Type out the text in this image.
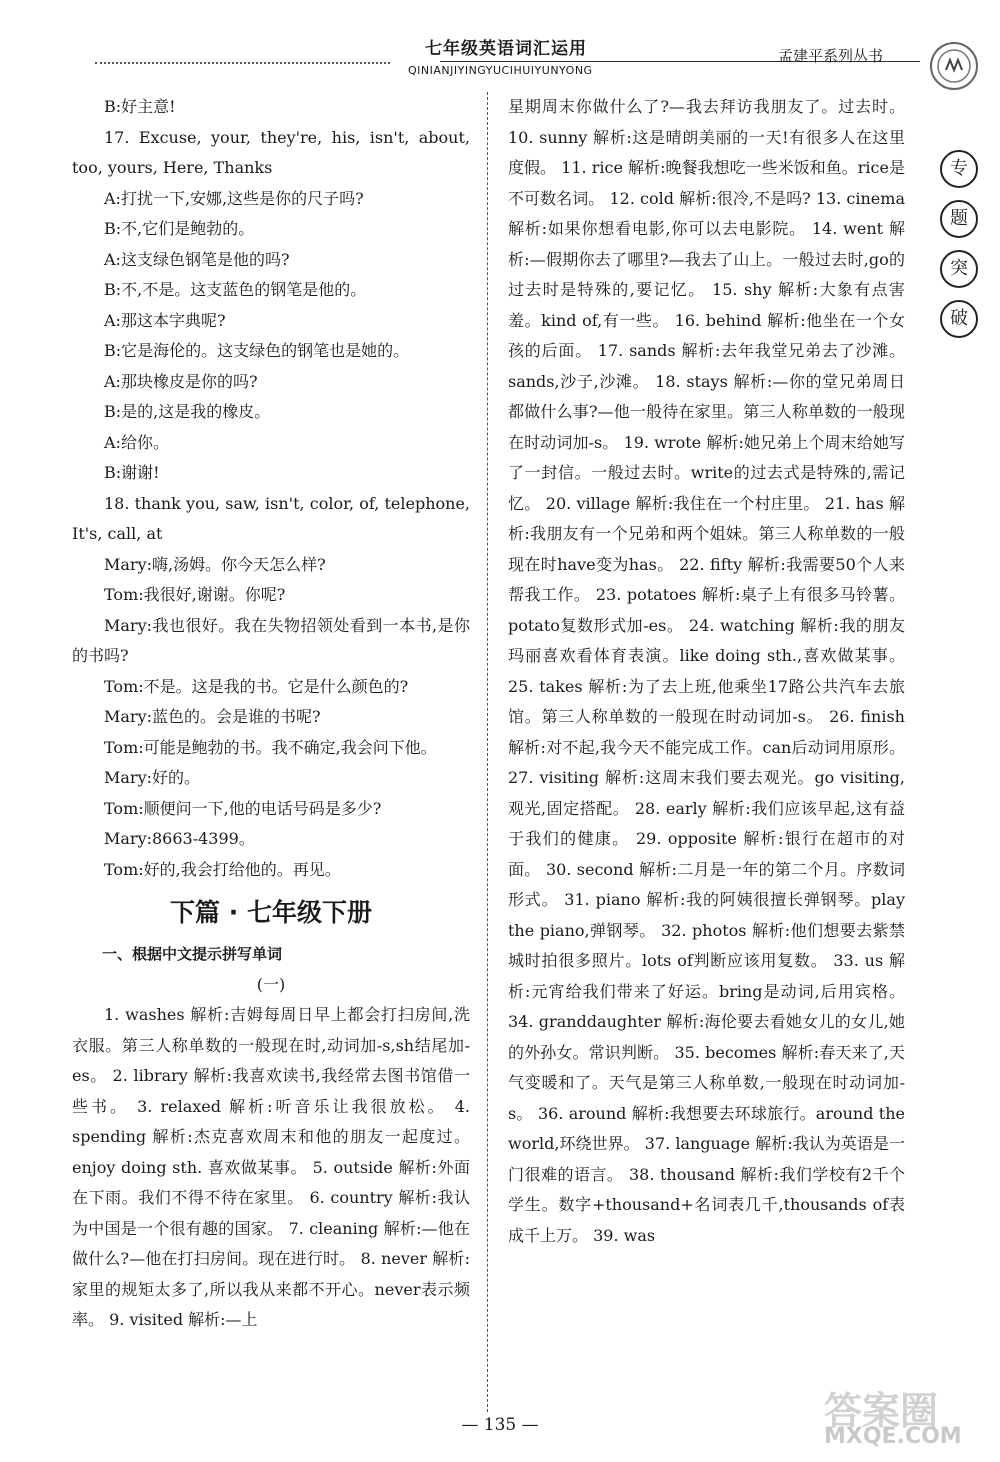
七年级英语词汇运用
QINIANJIYINGYUCIHUIYUNYONG
孟建平系列丛书
专
题
突
破

B:好主意!

17. Excuse, your, they're, his, isn't, about, too, yours, Here, Thanks

A:打扰一下,安娜,这些是你的尺子吗?

B:不,它们是鲍勃的。

A:这支绿色钢笔是他的吗?

B:不,不是。这支蓝色的钢笔是他的。

A:那这本字典呢?

B:它是海伦的。这支绿色的钢笔也是她的。

A:那块橡皮是你的吗?

B:是的,这是我的橡皮。

A:给你。

B:谢谢!

18. thank you, saw, isn't, color, of, telephone, It's, call, at

Mary:嗨,汤姆。你今天怎么样?

Tom:我很好,谢谢。你呢?

Mary:我也很好。我在失物招领处看到一本书,是你的书吗?

Tom:不是。这是我的书。它是什么颜色的?

Mary:蓝色的。会是谁的书呢?

Tom:可能是鲍勃的书。我不确定,我会问下他。

Mary:好的。

Tom:顺便问一下,他的电话号码是多少?

Mary:8663-4399。

Tom:好的,我会打给他的。再见。

下篇 · 七年级下册
一、根据中文提示拼写单词
(一)

1. washes 解析:吉姆每周日早上都会打扫房间,洗衣服。第三人称单数的一般现在时,动词加-s,sh结尾加-es。 2. library 解析:我喜欢读书,我经常去图书馆借一些书。 3. relaxed 解析:听音乐让我很放松。 4. spending 解析:杰克喜欢周末和他的朋友一起度过。enjoy doing sth. 喜欢做某事。 5. outside 解析:外面在下雨。我们不得不待在家里。 6. country 解析:我认为中国是一个很有趣的国家。 7. cleaning 解析:—他在做什么?—他在打扫房间。现在进行时。 8. never 解析:家里的规矩太多了,所以我从来都不开心。never表示频率。 9. visited 解析:—上

星期周末你做什么了?—我去拜访我朋友了。过去时。 10. sunny 解析:这是晴朗美丽的一天!有很多人在这里度假。 11. rice 解析:晚餐我想吃一些米饭和鱼。rice是不可数名词。 12. cold 解析:很冷,不是吗? 13. cinema 解析:如果你想看电影,你可以去电影院。 14. went 解析:—假期你去了哪里?—我去了山上。一般过去时,go的过去时是特殊的,要记忆。 15. shy 解析:大象有点害羞。kind of,有一些。 16. behind 解析:他坐在一个女孩的后面。 17. sands 解析:去年我堂兄弟去了沙滩。sands,沙子,沙滩。 18. stays 解析:—你的堂兄弟周日都做什么事?—他一般待在家里。第三人称单数的一般现在时动词加-s。 19. wrote 解析:她兄弟上个周末给她写了一封信。一般过去时。write的过去式是特殊的,需记忆。 20. village 解析:我住在一个村庄里。 21. has 解析:我朋友有一个兄弟和两个姐妹。第三人称单数的一般现在时have变为has。 22. fifty 解析:我需要50个人来帮我工作。 23. potatoes 解析:桌子上有很多马铃薯。potato复数形式加-es。 24. watching 解析:我的朋友玛丽喜欢看体育表演。like doing sth.,喜欢做某事。 25. takes 解析:为了去上班,他乘坐17路公共汽车去旅馆。第三人称单数的一般现在时动词加-s。 26. finish 解析:对不起,我今天不能完成工作。can后动词用原形。 27. visiting 解析:这周末我们要去观光。go visiting,观光,固定搭配。 28. early 解析:我们应该早起,这有益于我们的健康。 29. opposite 解析:银行在超市的对面。 30. second 解析:二月是一年的第二个月。序数词形式。 31. piano 解析:我的阿姨很擅长弹钢琴。play the piano,弹钢琴。 32. photos 解析:他们想要去紫禁城时拍很多照片。lots of判断应该用复数。 33. us 解析:元宵给我们带来了好运。bring是动词,后用宾格。 34. granddaughter 解析:海伦要去看她女儿的女儿,她的外孙女。常识判断。 35. becomes 解析:春天来了,天气变暖和了。天气是第三人称单数,一般现在时动词加-s。 36. around 解析:我想要去环球旅行。around the world,环绕世界。 37. language 解析:我认为英语是一门很难的语言。 38. thousand 解析:我们学校有2千个学生。数字+thousand+名词表几千,thousands of表成千上万。 39. was

— 135 —	答案圈
MXQE.COM
